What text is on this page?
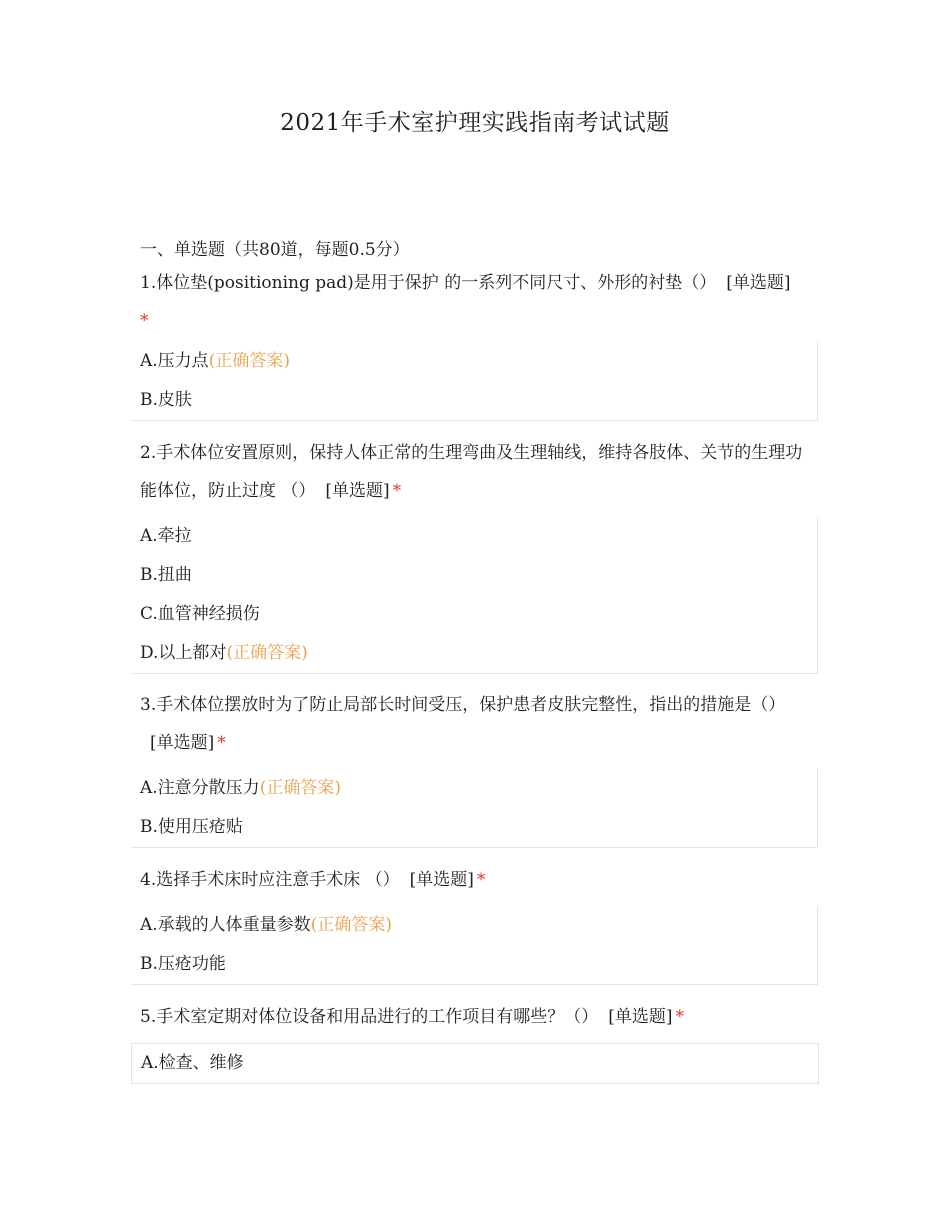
2021年手术室护理实践指南考试试题
一、单选题（共80道，每题0.5分）

1.体位垫(positioning pad)是用于保护 的一系列不同尺寸、外形的衬垫（） [单选题]
*

A.压力点(正确答案)
B.皮肤

2.手术体位安置原则，保持人体正常的生理弯曲及生理轴线，维持各肢体、关节的生理功能体位，防止过度 （） [单选题] *

A.牵拉
B.扭曲
C.血管神经损伤
D.以上都对(正确答案)

3.手术体位摆放时为了防止局部长时间受压，保护患者皮肤完整性，指出的措施是（）[单选题] *

A.注意分散压力(正确答案)
B.使用压疮贴

4.选择手术床时应注意手术床 （） [单选题] *

A.承载的人体重量参数(正确答案)
B.压疮功能

5.手术室定期对体位设备和用品进行的工作项目有哪些？（） [单选题] *

A.检查、维修
